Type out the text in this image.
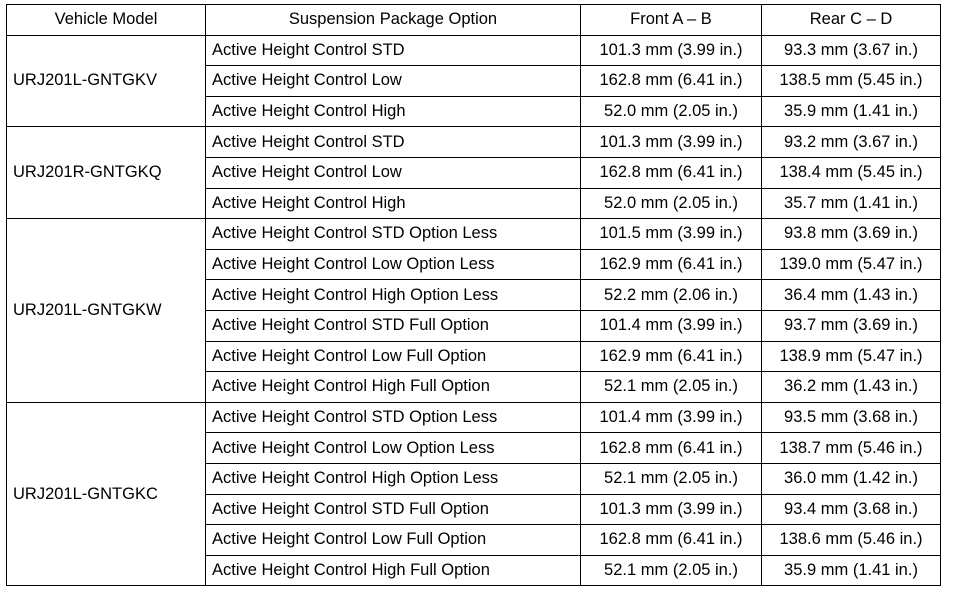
Vehicle Model	Suspension Package Option	Front A – B	Rear C – D
URJ201L-GNTGKV	Active Height Control STD	101.3 mm (3.99 in.)	93.3 mm (3.67 in.)
	Active Height Control Low	162.8 mm (6.41 in.)	138.5 mm (5.45 in.)
	Active Height Control High	52.0 mm (2.05 in.)	35.9 mm (1.41 in.)
URJ201R-GNTGKQ	Active Height Control STD	101.3 mm (3.99 in.)	93.2 mm (3.67 in.)
	Active Height Control Low	162.8 mm (6.41 in.)	138.4 mm (5.45 in.)
	Active Height Control High	52.0 mm (2.05 in.)	35.7 mm (1.41 in.)
URJ201L-GNTGKW	Active Height Control STD Option Less	101.5 mm (3.99 in.)	93.8 mm (3.69 in.)
	Active Height Control Low Option Less	162.9 mm (6.41 in.)	139.0 mm (5.47 in.)
	Active Height Control High Option Less	52.2 mm (2.06 in.)	36.4 mm (1.43 in.)
	Active Height Control STD Full Option	101.4 mm (3.99 in.)	93.7 mm (3.69 in.)
	Active Height Control Low Full Option	162.9 mm (6.41 in.)	138.9 mm (5.47 in.)
	Active Height Control High Full Option	52.1 mm (2.05 in.)	36.2 mm (1.43 in.)
URJ201L-GNTGKC	Active Height Control STD Option Less	101.4 mm (3.99 in.)	93.5 mm (3.68 in.)
	Active Height Control Low Option Less	162.8 mm (6.41 in.)	138.7 mm (5.46 in.)
	Active Height Control High Option Less	52.1 mm (2.05 in.)	36.0 mm (1.42 in.)
	Active Height Control STD Full Option	101.3 mm (3.99 in.)	93.4 mm (3.68 in.)
	Active Height Control Low Full Option	162.8 mm (6.41 in.)	138.6 mm (5.46 in.)
	Active Height Control High Full Option	52.1 mm (2.05 in.)	35.9 mm (1.41 in.)
